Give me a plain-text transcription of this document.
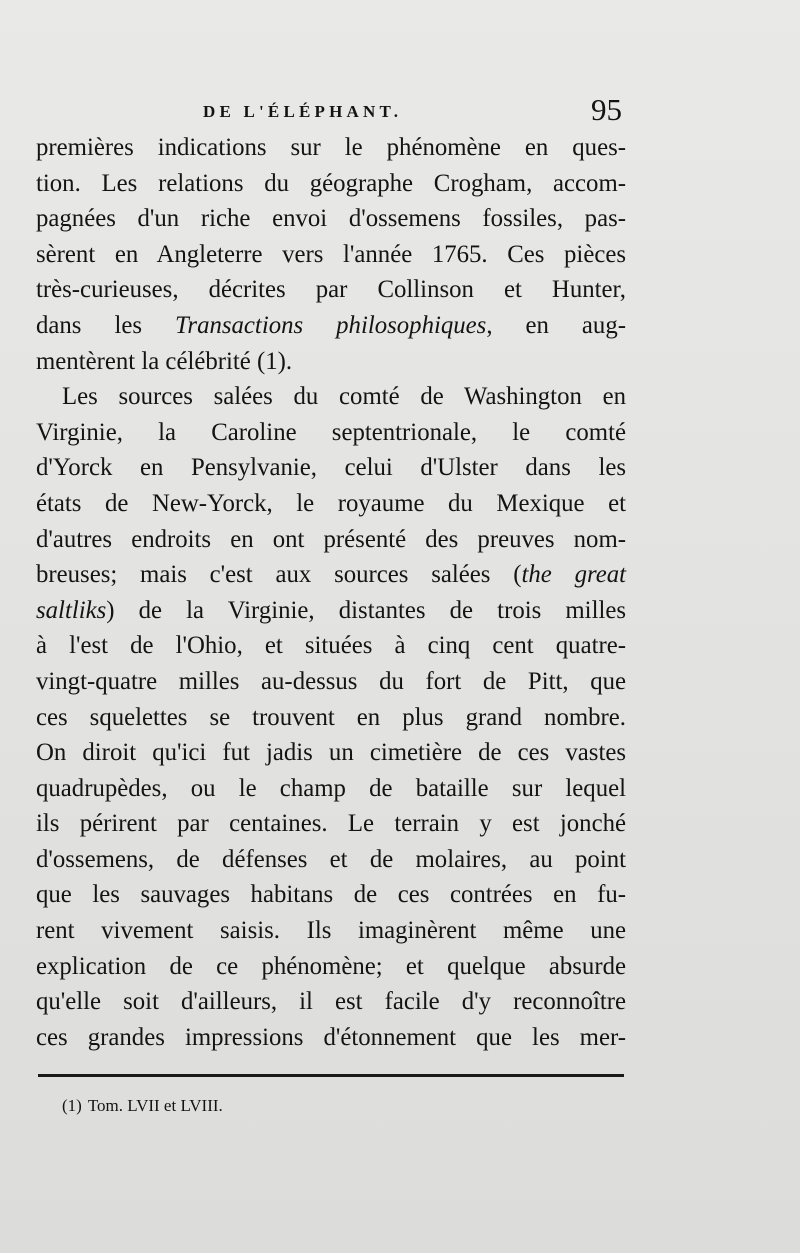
DE L'ÉLÉPHANT.	95
premières indications sur le phénomène en ques-
tion. Les relations du géographe Crogham, accom-
pagnées d'un riche envoi d'ossemens fossiles, pas-
sèrent en Angleterre vers l'année 1765. Ces pièces
très-curieuses, décrites par Collinson et Hunter,
dans les Transactions philosophiques, en aug-
mentèrent la célébrité (1).
Les sources salées du comté de Washington en
Virginie, la Caroline septentrionale, le comté
d'Yorck en Pensylvanie, celui d'Ulster dans les
états de New-Yorck, le royaume du Mexique et
d'autres endroits en ont présenté des preuves nom-
breuses; mais c'est aux sources salées (the great
saltliks) de la Virginie, distantes de trois milles
à l'est de l'Ohio, et situées à cinq cent quatre-
vingt-quatre milles au-dessus du fort de Pitt, que
ces squelettes se trouvent en plus grand nombre.
On diroit qu'ici fut jadis un cimetière de ces vastes
quadrupèdes, ou le champ de bataille sur lequel
ils périrent par centaines. Le terrain y est jonché
d'ossemens, de défenses et de molaires, au point
que les sauvages habitans de ces contrées en fu-
rent vivement saisis. Ils imaginèrent même une
explication de ce phénomène; et quelque absurde
qu'elle soit d'ailleurs, il est facile d'y reconnoître
ces grandes impressions d'étonnement que les mer-
(1) Tom. LVII et LVIII.
